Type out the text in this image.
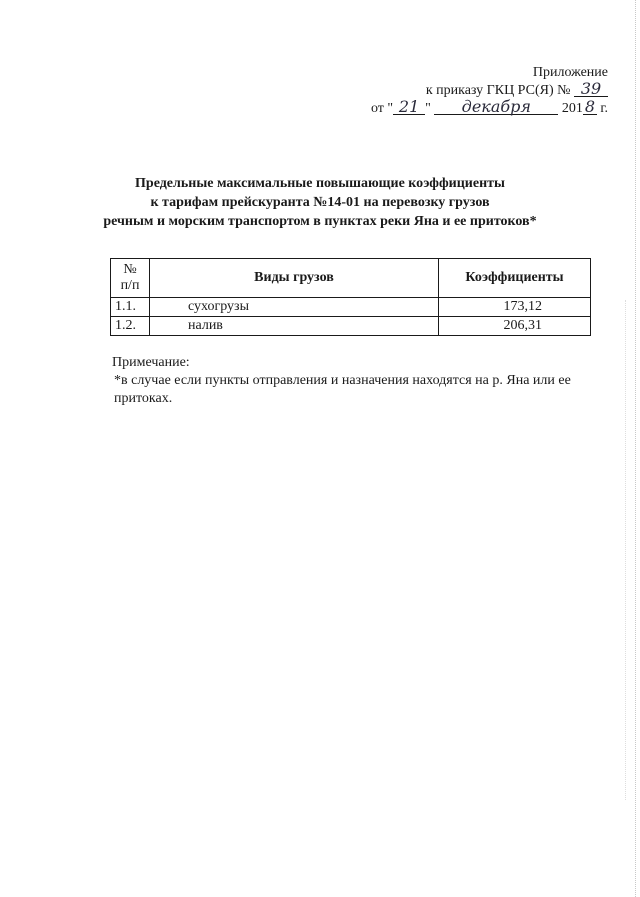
Приложение
к приказу ГКЦ РС(Я) № 39
от " 21 " декабря 201 8 г.
Предельные максимальные повышающие коэффициенты
к тарифам прейскуранта №14-01 на перевозку грузов
речным и морским транспортом в пунктах реки Яна и ее притоков*
№
п/п	Виды грузов	Коэффициенты
1.1.	сухогрузы	173,12
1.2.	налив	206,31
Примечание:
*в случае если пункты отправления и назначения находятся на р. Яна или ее притоках.
